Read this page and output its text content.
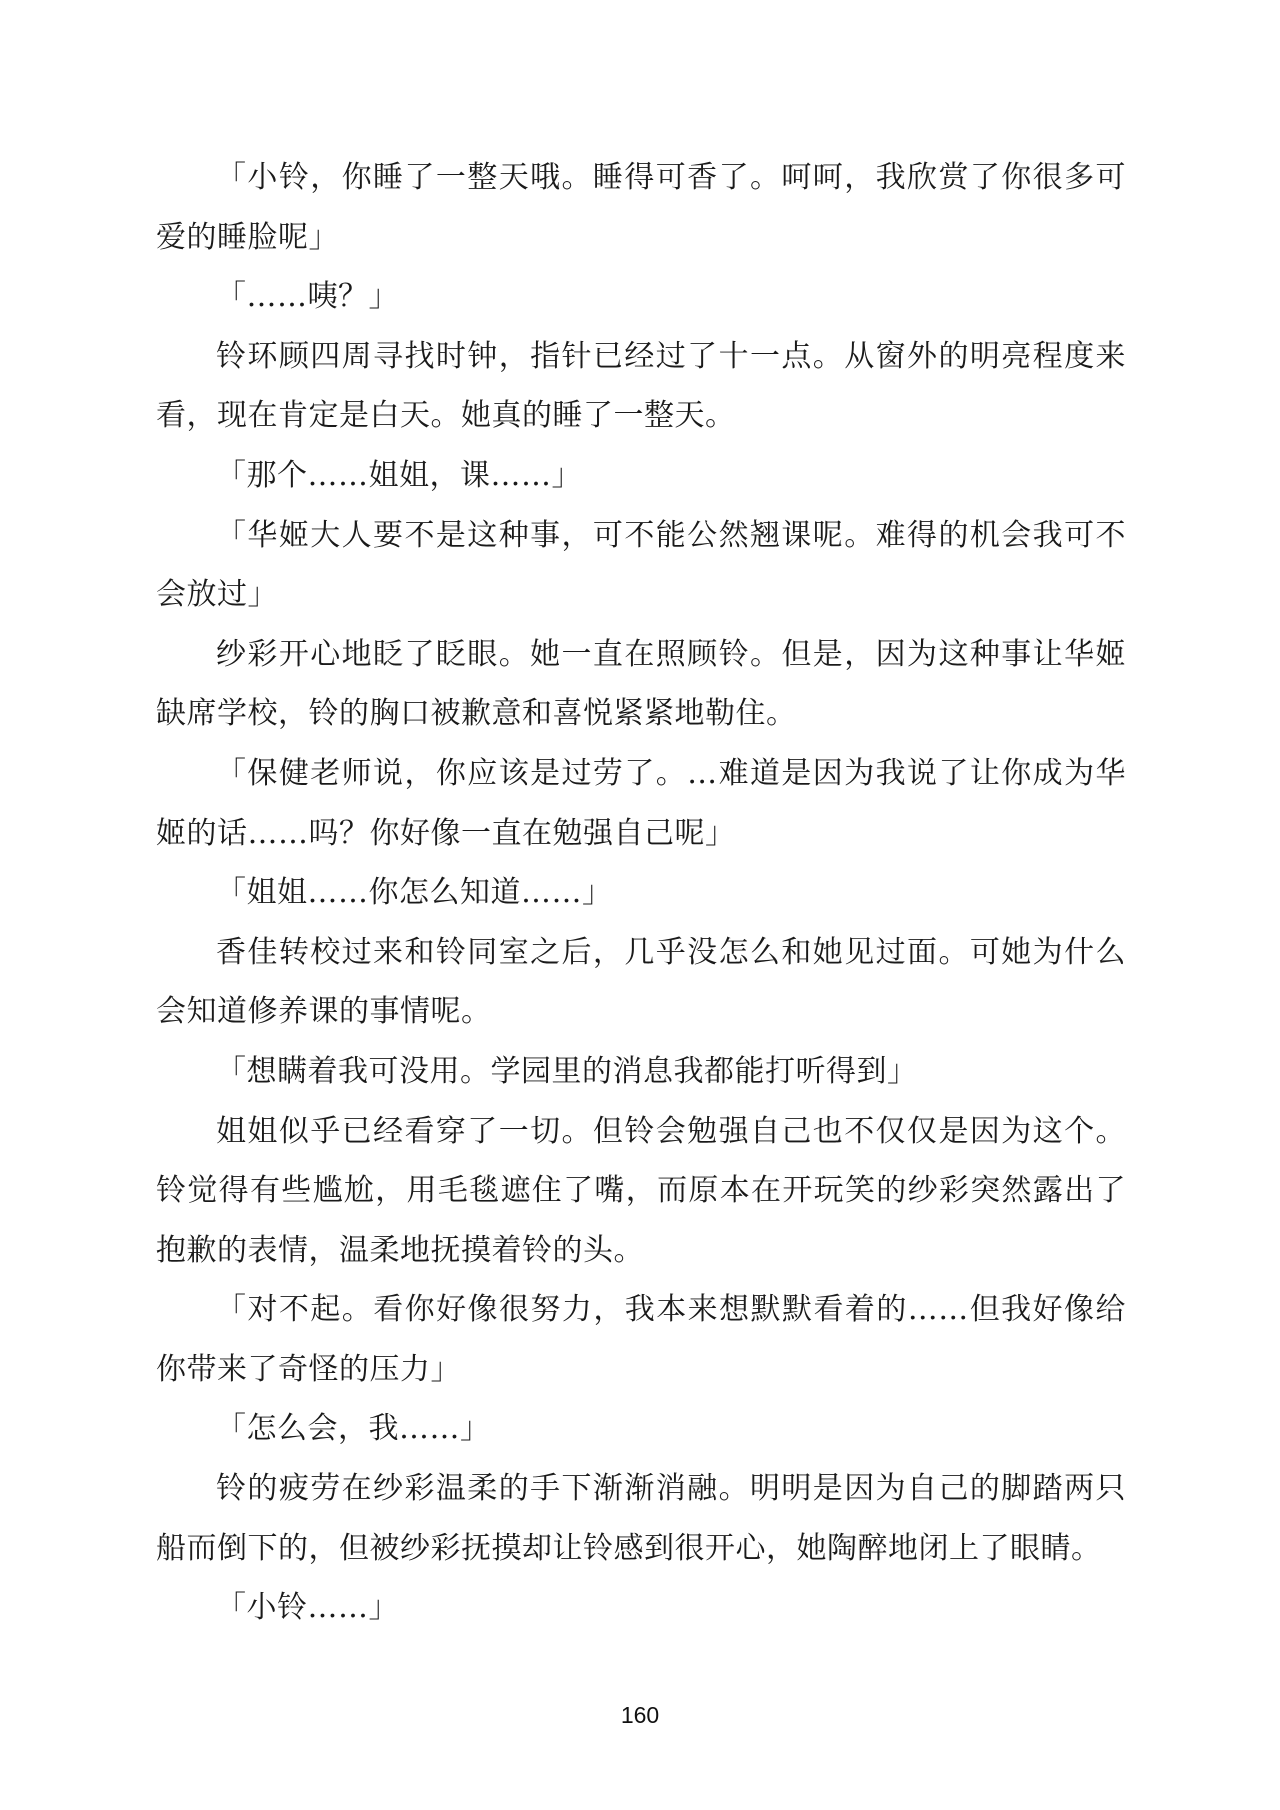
「小铃，你睡了一整天哦。睡得可香了。呵呵，我欣赏了你很多可爱的睡脸呢」

「……咦？」

铃环顾四周寻找时钟，指针已经过了十一点。从窗外的明亮程度来看，现在肯定是白天。她真的睡了一整天。

「那个……姐姐，课……」

「华姬大人要不是这种事，可不能公然翘课呢。难得的机会我可不会放过」

纱彩开心地眨了眨眼。她一直在照顾铃。但是，因为这种事让华姬缺席学校，铃的胸口被歉意和喜悦紧紧地勒住。

「保健老师说，你应该是过劳了。…难道是因为我说了让你成为华姬的话……吗？你好像一直在勉强自己呢」

「姐姐……你怎么知道……」

香佳转校过来和铃同室之后，几乎没怎么和她见过面。可她为什么会知道修养课的事情呢。

「想瞒着我可没用。学园里的消息我都能打听得到」

姐姐似乎已经看穿了一切。但铃会勉强自己也不仅仅是因为这个。铃觉得有些尴尬，用毛毯遮住了嘴，而原本在开玩笑的纱彩突然露出了抱歉的表情，温柔地抚摸着铃的头。

「对不起。看你好像很努力，我本来想默默看着的……但我好像给你带来了奇怪的压力」

「怎么会，我……」

铃的疲劳在纱彩温柔的手下渐渐消融。明明是因为自己的脚踏两只船而倒下的，但被纱彩抚摸却让铃感到很开心，她陶醉地闭上了眼睛。

「小铃……」

160
